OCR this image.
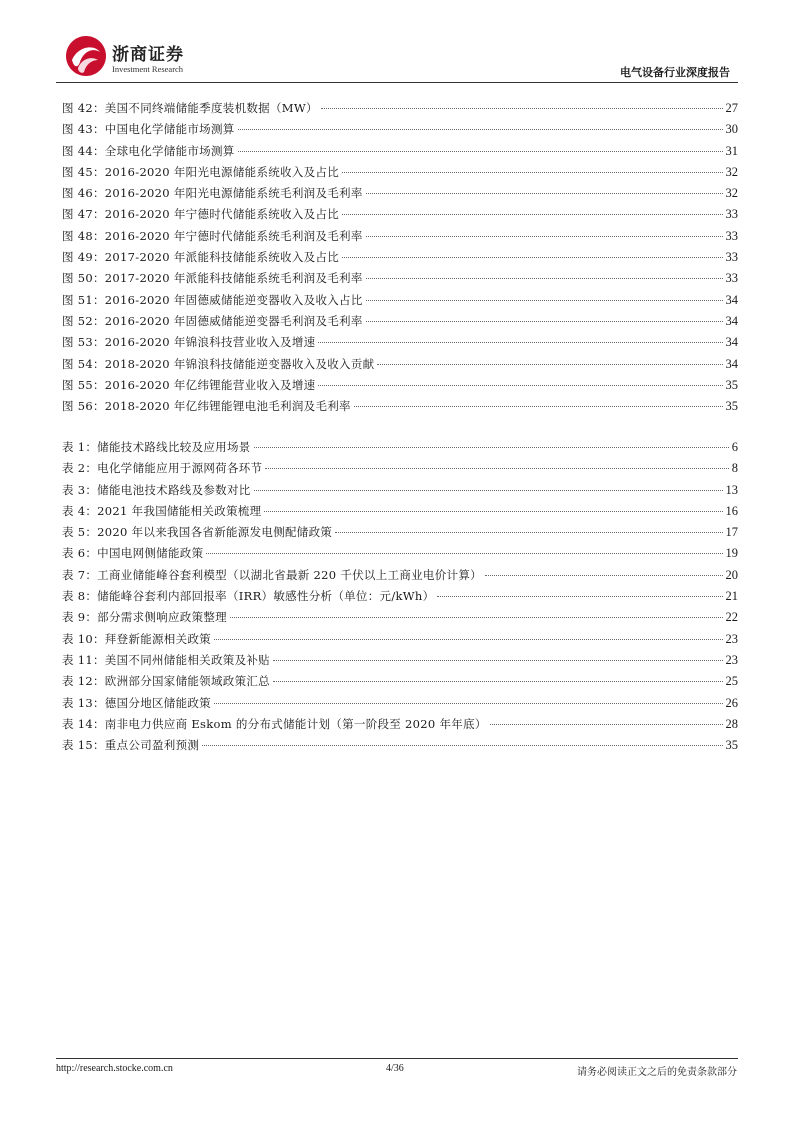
浙商证券
Investment Research	电气设备行业深度报告
图 42：美国不同终端储能季度装机数据（MW）	27
图 43：中国电化学储能市场测算	30
图 44：全球电化学储能市场测算	31
图 45：2016-2020 年阳光电源储能系统收入及占比	32
图 46：2016-2020 年阳光电源储能系统毛利润及毛利率	32
图 47：2016-2020 年宁德时代储能系统收入及占比	33
图 48：2016-2020 年宁德时代储能系统毛利润及毛利率	33
图 49：2017-2020 年派能科技储能系统收入及占比	33
图 50：2017-2020 年派能科技储能系统毛利润及毛利率	33
图 51：2016-2020 年固德威储能逆变器收入及收入占比	34
图 52：2016-2020 年固德威储能逆变器毛利润及毛利率	34
图 53：2016-2020 年锦浪科技营业收入及增速	34
图 54：2018-2020 年锦浪科技储能逆变器收入及收入贡献	34
图 55：2016-2020 年亿纬锂能营业收入及增速	35
图 56：2018-2020 年亿纬锂能锂电池毛利润及毛利率	35
表 1：储能技术路线比较及应用场景	6
表 2：电化学储能应用于源网荷各环节	8
表 3：储能电池技术路线及参数对比	13
表 4：2021 年我国储能相关政策梳理	16
表 5：2020 年以来我国各省新能源发电侧配储政策	17
表 6：中国电网侧储能政策	19
表 7：工商业储能峰谷套利模型（以湖北省最新 220 千伏以上工商业电价计算）	20
表 8：储能峰谷套利内部回报率（IRR）敏感性分析（单位：元/kWh）	21
表 9：部分需求侧响应政策整理	22
表 10：拜登新能源相关政策	23
表 11：美国不同州储能相关政策及补贴	23
表 12：欧洲部分国家储能领域政策汇总	25
表 13：德国分地区储能政策	26
表 14：南非电力供应商 Eskom 的分布式储能计划（第一阶段至 2020 年年底）	28
表 15：重点公司盈利预测	35
http://research.stocke.com.cn	4/36	请务必阅读正文之后的免责条款部分
